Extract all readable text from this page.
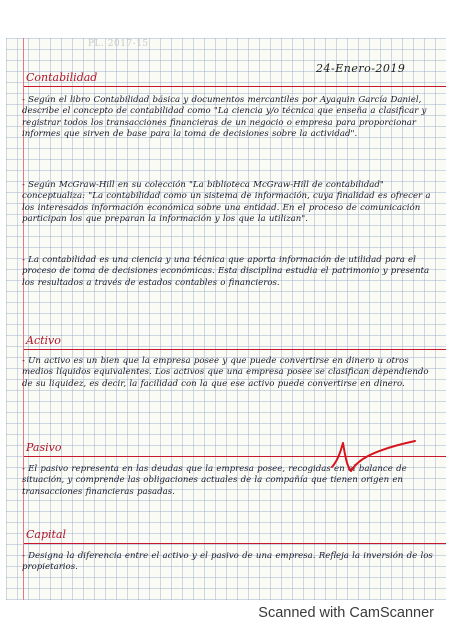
PL. 2017-15
24-Enero-2019
Contabilidad

- Según el libro Contabilidad básica y documentos mercantiles por Ayaquin García Daniel, describe el concepto de contabilidad como "La ciencia y/o técnica que enseña a clasificar y registrar todos los transacciones financieras de un negocio o empresa para proporcionar informes que sirven de base para la toma de decisiones sobre la actividad".

- Según McGraw-Hill en su colección "La biblioteca McGraw-Hill de contabilidad" conceptualiza: "La contabilidad como un sistema de información, cuya finalidad es ofrecer a los interesados información económica sobre una entidad. En el proceso de comunicación participan los que preparan la información y los que la utilizan".

- La contabilidad es una ciencia y una técnica que aporta información de utilidad para el proceso de toma de decisiones económicas. Esta disciplina estudia el patrimonio y presenta los resultados a través de estados contables o financieros.

Activo

- Un activo es un bien que la empresa posee y que puede convertirse en dinero u otros medios líquidos equivalentes. Los activos que una empresa posee se clasifican dependiendo de su liquidez, es decir, la facilidad con la que ese activo puede convertirse en dinero.

Pasivo

- El pasivo representa en las deudas que la empresa posee, recogidas en el balance de situación, y comprende las obligaciones actuales de la compañía que tienen origen en transacciones financieras pasadas.

Capital

- Designa la diferencia entre el activo y el pasivo de una empresa. Refleja la inversión de los propietarios.

Scanned with CamScanner
